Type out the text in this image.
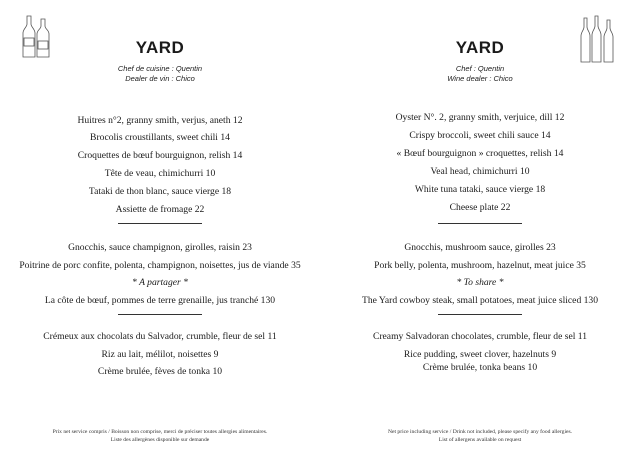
YARD
Chef de cuisine : Quentin
Dealer de vin : Chico
Huitres n°2, granny smith, verjus, aneth 12
Brocolis croustillants, sweet chili 14
Croquettes de bœuf bourguignon, relish 14
Tête de veau, chimichurri 10
Tataki de thon blanc, sauce vierge 18
Assiette de fromage 22
Gnocchis, sauce champignon, girolles, raisin 23
Poitrine de porc confite, polenta, champignon, noisettes, jus de viande 35
* A partager *
La côte de bœuf, pommes de terre grenaille, jus tranché 130
Crémeux aux chocolats du Salvador, crumble, fleur de sel 11
Riz au lait, mélilot, noisettes 9
Crème brulée, fèves de tonka 10
Prix net service compris / Boisson non comprise, merci de préciser toutes allergies alimentaires.
Liste des allergènes disponible sur demande
YARD
Chef : Quentin
Wine dealer : Chico
Oyster N°. 2, granny smith, verjuice, dill 12
Crispy broccoli, sweet chili sauce 14
« Bœuf bourguignon » croquettes, relish 14
Veal head, chimichurri 10
White tuna tataki, sauce vierge 18
Cheese plate 22
Gnocchis, mushroom sauce, girolles 23
Pork belly, polenta, mushroom, hazelnut, meat juice 35
* To share *
The Yard cowboy steak, small potatoes, meat juice sliced 130
Creamy Salvadoran chocolates, crumble, fleur de sel 11
Rice pudding, sweet clover, hazelnuts 9
Crème brulée, tonka beans 10
Net price including service / Drink not included, please specify any food allergies.
List of allergens available on request
